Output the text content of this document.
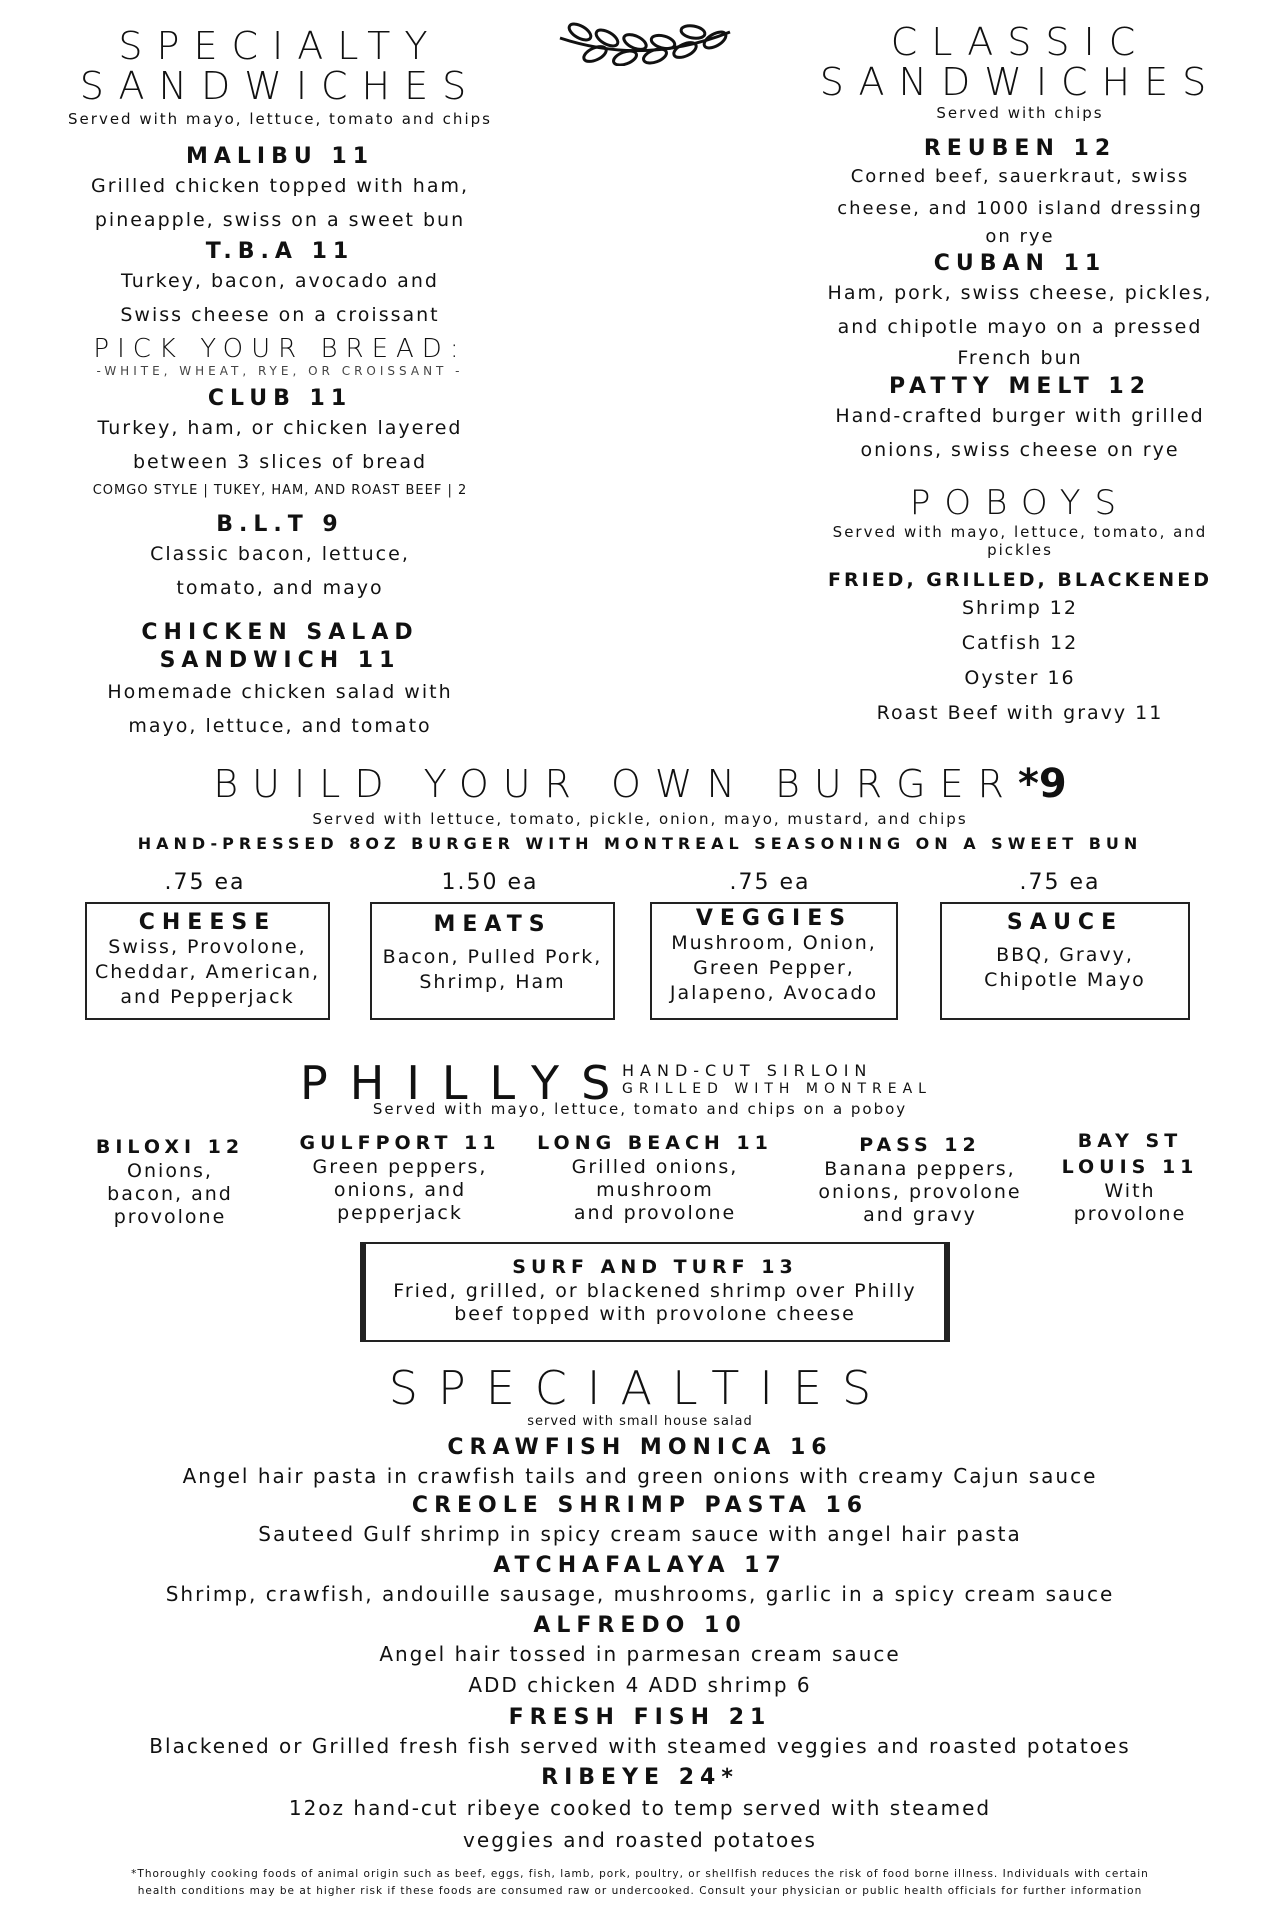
SPECIALTY
SANDWICHES
Served with mayo, lettuce, tomato and chips
MALIBU 11
Grilled chicken topped with ham,
pineapple, swiss on a sweet bun
T.B.A 11
Turkey, bacon, avocado and
Swiss cheese on a croissant
PICK YOUR BREAD:
-WHITE, WHEAT, RYE, OR CROISSANT -
CLUB 11
Turkey, ham, or chicken layered
between 3 slices of bread
COMGO STYLE | TUKEY, HAM, AND ROAST BEEF | 2
B.L.T 9
Classic bacon, lettuce,
tomato, and mayo
CHICKEN SALAD
SANDWICH 11
Homemade chicken salad with
mayo, lettuce, and tomato
CLASSIC
SANDWICHES
Served with chips
REUBEN 12
Corned beef, sauerkraut, swiss
cheese, and 1000 island dressing
on rye
CUBAN 11
Ham, pork, swiss cheese, pickles,
and chipotle mayo on a pressed
French bun
PATTY MELT 12
Hand-crafted burger with grilled
onions, swiss cheese on rye
POBOYS
Served with mayo, lettuce, tomato, and pickles
FRIED, GRILLED, BLACKENED
Shrimp 12
Catfish 12
Oyster 16
Roast Beef with gravy 11
BUILD YOUR OWN BURGER*9
Served with lettuce, tomato, pickle, onion, mayo, mustard, and chips
HAND-PRESSED 8OZ BURGER WITH MONTREAL SEASONING ON A SWEET BUN
.75 ea	1.50 ea	.75 ea	.75 ea
CHEESE
Swiss, Provolone,
Cheddar, American,
and Pepperjack
MEATS
Bacon, Pulled Pork,
Shrimp, Ham
VEGGIES
Mushroom, Onion,
Green Pepper,
Jalapeno, Avocado
SAUCE
BBQ, Gravy,
Chipotle Mayo
PHILLYS
HAND-CUT SIRLOIN
GRILLED WITH MONTREAL
Served with mayo, lettuce, tomato and chips on a poboy
BILOXI 12
Onions,
bacon, and
provolone
GULFPORT 11
Green peppers,
onions, and
pepperjack
LONG BEACH 11
Grilled onions,
mushroom
and provolone
PASS 12
Banana peppers,
onions, provolone
and gravy
BAY ST
LOUIS 11
With
provolone
SURF AND TURF 13
Fried, grilled, or blackened shrimp over Philly
beef topped with provolone cheese
SPECIALTIES
served with small house salad
CRAWFISH MONICA 16
Angel hair pasta in crawfish tails and green onions with creamy Cajun sauce
CREOLE SHRIMP PASTA 16
Sauteed Gulf shrimp in spicy cream sauce with angel hair pasta
ATCHAFALAYA 17
Shrimp, crawfish, andouille sausage, mushrooms, garlic in a spicy cream sauce
ALFREDO 10
Angel hair tossed in parmesan cream sauce
ADD chicken 4 ADD shrimp 6
FRESH FISH 21
Blackened or Grilled fresh fish served with steamed veggies and roasted potatoes
RIBEYE 24*
12oz hand-cut ribeye cooked to temp served with steamed
veggies and roasted potatoes
*Thoroughly cooking foods of animal origin such as beef, eggs, fish, lamb, pork, poultry, or shellfish reduces the risk of food borne illness. Individuals with certain
health conditions may be at higher risk if these foods are consumed raw or undercooked. Consult your physician or public health officials for further information
